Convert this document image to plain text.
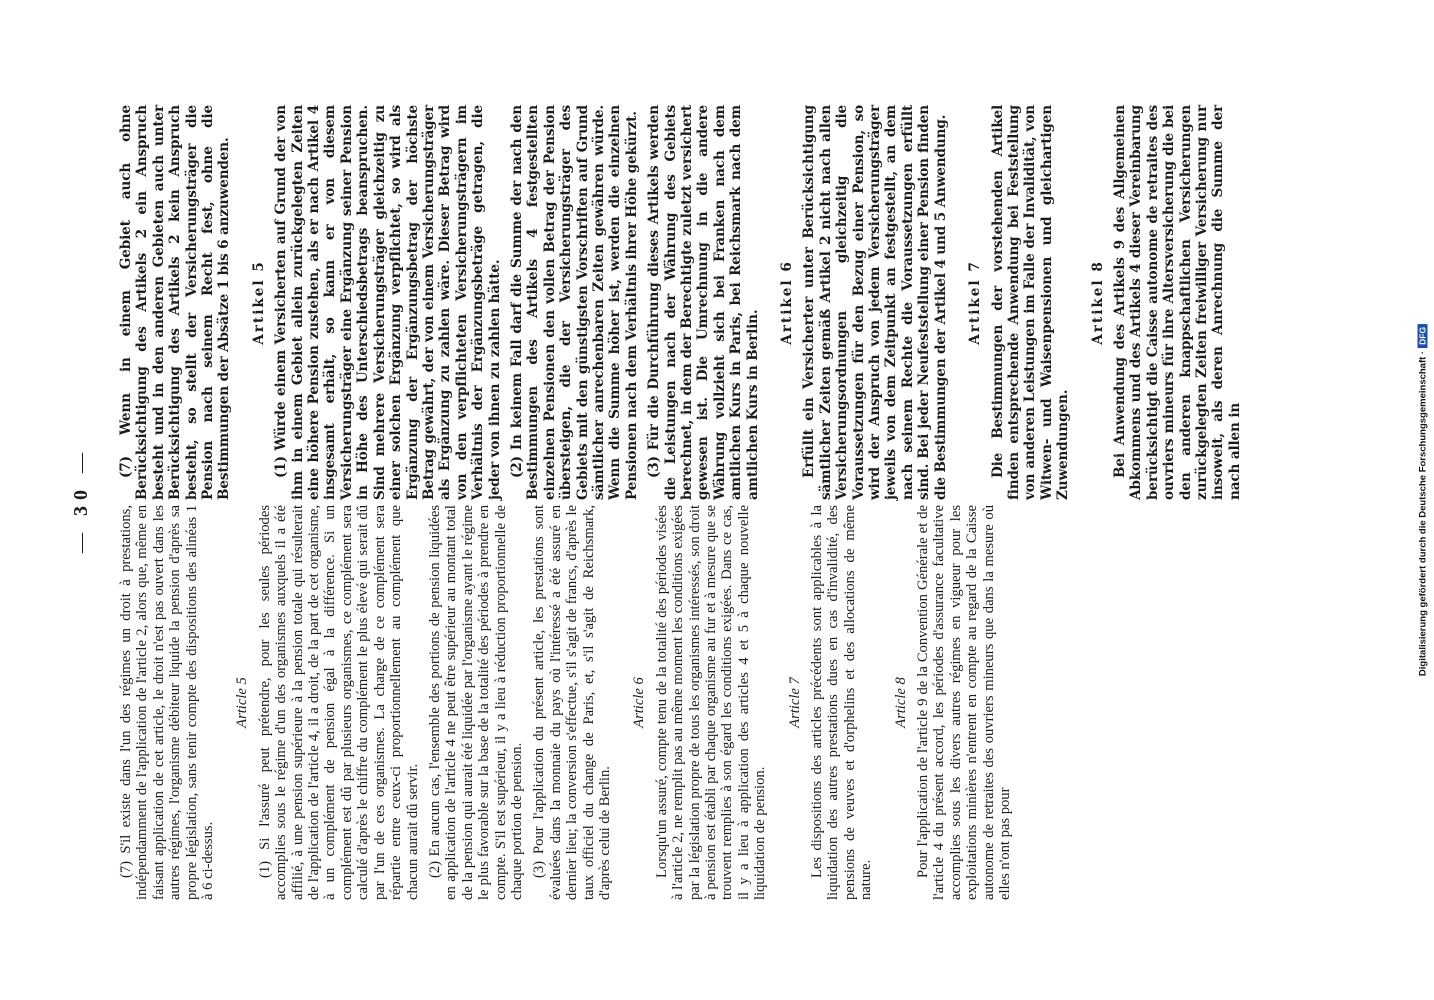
— 30 — (7) Wenn in einem Gebiet auch ohne Berücksichtigung des Artikels 2 ein Anspruch besteht und in den anderen Gebieten auch unter Berücksichtigung des Artikels 2 kein Anspruch besteht, so stellt der Versicherungsträger die Pension nach seinem Recht fest, ohne die Bestimmungen der Absätze 1 bis 6 anzuwenden. Artikel 5 (1) Würde einem Versicherten auf Grund der von ihm in einem Gebiet allein zurückgelegten Zeiten eine höhere Pension zustehen, als er nach Artikel 4 insgesamt erhält, so kann er von diesem Versicherungsträger eine Ergänzung seiner Pension in Höhe des Unterschiedsbetrags beanspruchen. Sind mehrere Versicherungsträger gleichzeitig zu einer solchen Ergänzung verpflichtet, so wird als Ergänzung der Ergänzungsbetrag der höchste Betrag gewährt, der von einem Versicherungsträger als Ergänzung zu zahlen wäre. Dieser Betrag wird von den verpflichteten Versicherungsträgern im Verhältnis der Ergänzungsbeträge getragen, die jeder von ihnen zu zahlen hätte. (2) In keinem Fall darf die Summe der nach den Bestimmungen des Artikels 4 festgestellten einzelnen Pensionen den vollen Betrag der Pension übersteigen, die der Versicherungsträger des Gebiets mit den günstigsten Vorschriften auf Grund sämtlicher anrechenbaren Zeiten gewähren würde. Wenn die Summe höher ist, werden die einzelnen Pensionen nach dem Verhältnis ihrer Höhe gekürzt. (3) Für die Durchführung dieses Artikels werden die Leistungen nach der Währung des Gebiets berechnet, in dem der Berechtigte zuletzt versichert gewesen ist. Die Umrechnung in die andere Währung vollzieht sich bei Franken nach dem amtlichen Kurs in Paris, bei Reichsmark nach dem amtlichen Kurs in Berlin.

Artikel 6 Erfüllt ein Versicherter unter Berücksichtigung sämtlicher Zeiten gemäß Artikel 2 nicht nach allen Versicherungsordnungen gleichzeitig die Voraussetzungen für den Bezug einer Pension, so wird der Anspruch von jedem Versicherungsträger jeweils von dem Zeitpunkt an festgestellt, an dem nach seinem Rechte die Voraussetzungen erfüllt sind. Bei jeder Neufeststellung einer Pension finden die Bestimmungen der Artikel 4 und 5 Anwendung. Artikel 7 Die Bestimmungen der vorstehenden Artikel finden entsprechende Anwendung bei Feststellung von anderen Leistungen im Falle der Invalidität, von Witwen- und Waisenpensionen und gleichartigen Zuwendungen.

Artikel 8 Bei Anwendung des Artikels 9 des Allgemeinen Abkommens und des Artikels 4 dieser Vereinbarung berücksichtigt die Caisse autonome de retraites des ouvriers mineurs für ihre Altersversicherung die bei den anderen knappschaftlichen Versicherungen zurückgelegten Zeiten freiwilliger Versicherung nur insoweit, als deren Anrechnung die Summe der nach allen in

(7) S'il existe dans l'un des régimes un droit à prestations, indépendamment de l'application de l'article 2, alors que, même en faisant application de cet article, le droit n'est pas ouvert dans les autres régimes, l'organisme débiteur liquide la pension d'après sa propre législation, sans tenir compte des dispositions des alinéas 1 à 6 ci-dessus.

Article 5 (1) Si l'assuré peut prétendre, pour les seules périodes accomplies sous le régime d'un des organismes auxquels il a été affilié, à une pension supérieure à la pension totale qui résulterait de l'application de l'article 4, il a droit, de la part de cet organisme, à un complément de pension égal à la différence. Si un complément est dû par plusieurs organismes, ce complément sera calculé d'après le chiffre du complément le plus élevé qui serait dû par l'un de ces organismes. La charge de ce complément sera répartie entre ceux-ci proportionnellement au complément que chacun aurait dû servir. (2) En aucun cas, l'ensemble des portions de pension liquidées en application de l'article 4 ne peut être supérieur au montant total de la pension qui aurait été liquidée par l'organisme ayant le régime le plus favorable sur la base de la totalité des périodes à prendre en compte. S'il est supérieur, il y a lieu à réduction proportionnelle de chaque portion de pension. (3) Pour l'application du présent article, les prestations sont évaluées dans la monnaie du pays où l'intéressé a été assuré en dernier lieu; la conversion s'effectue, s'il s'agit de francs, d'après le taux officiel du change de Paris, et, s'il s'agit de Reichsmark, d'après celui de Berlin.

Article 6 Lorsqu'un assuré, compte tenu de la totalité des périodes visées à l'article 2, ne remplit pas au même moment les conditions exigées par la législation propre de tous les organismes intéressés, son droit à pension est établi par chaque organisme au fur et à mesure que se trouvent remplies à son égard les conditions exigées. Dans ce cas, il y a lieu à application des articles 4 et 5 à chaque nouvelle liquidation de pension.

Article 7 Les dispositions des articles précédents sont applicables à la liquidation des autres prestations dues en cas d'invalidité, des pensions de veuves et d'orphelins et des allocations de même nature.

Article 8 Pour l'application de l'article 9 de la Convention Générale et de l'article 4 du présent accord, les périodes d'assurance facultative accomplies sous les divers autres régimes en vigueur pour les exploitations minières n'entrent en compte au regard de la Caisse autonome de retraites des ouvriers mineurs que dans la mesure où elles n'ont pas pour

Digitalisierung gefördert durch die Deutsche Forschungsgemeinschaft ·DFG
